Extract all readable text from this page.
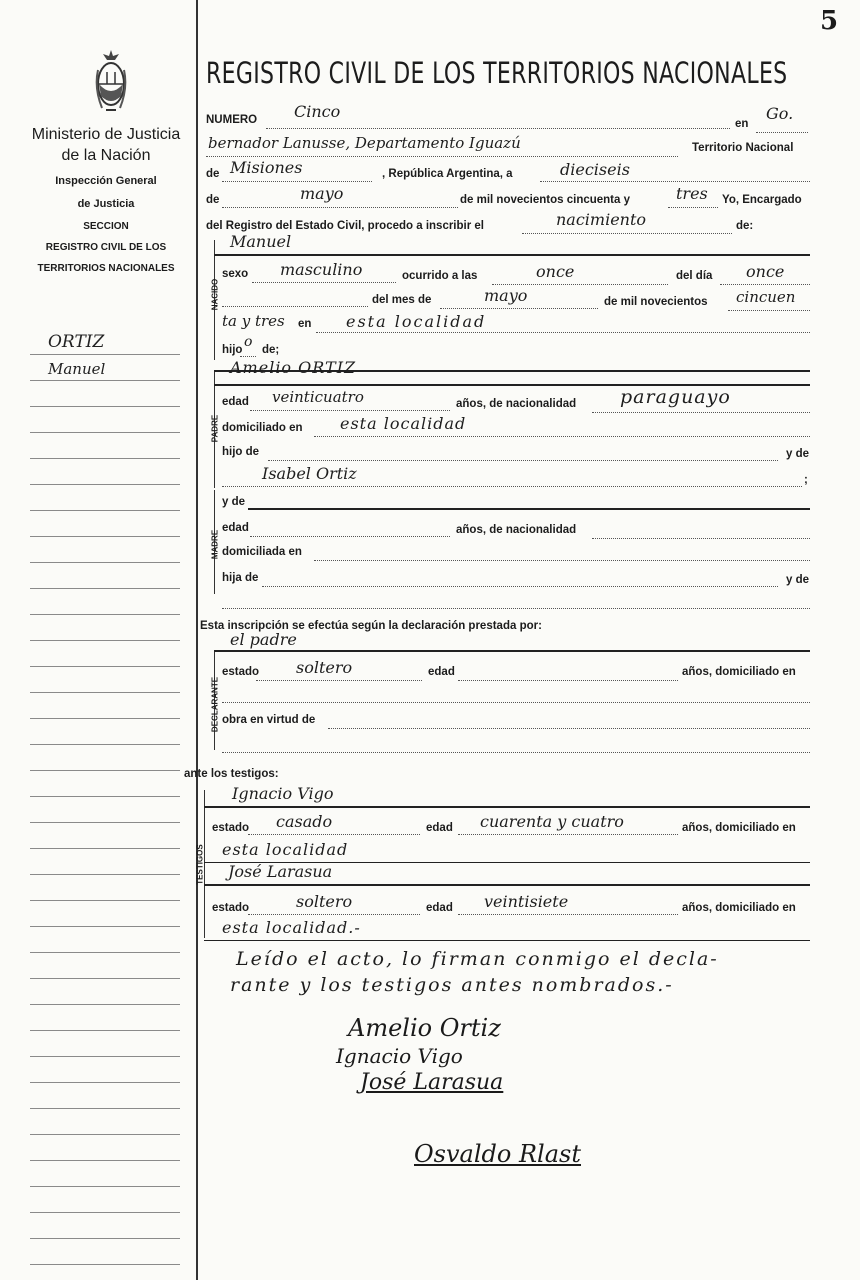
5
Ministerio de Justicia
de la Nación
Inspección General
de Justicia
SECCION
REGISTRO CIVIL DE LOS
TERRITORIOS NACIONALES
ORTIZ
Manuel
REGISTRO CIVIL DE LOS TERRITORIOS NACIONALES
NUMERO Cinco
en
Go.
bernador Lanusse, Departamento Iguazú	Territorio Nacional
de Misiones	, República Argentina, a	dieciseis
de	mayo	de mil novecientos cincuenta y	tres Yo, Encargado
del Registro del Estado Civil, procedo a inscribir el	nacimiento	de:
NACIDO
Manuel
sexo masculino	ocurrido a las	once	del día once
del mes de	mayo	de mil novecientos cincuen
ta y tres en esta localidad
hijo o de;
PADRE
Amelio ORTIZ
edad veinticuatro	años, de nacionalidad paraguayo
domiciliado en esta localidad
hijo de	y de
Isabel Ortiz	;
MADRE
y de
edad	años, de nacionalidad
domiciliada en
hija de	y de
Esta inscripción se efectúa según la declaración prestada por:
el padre
DECLARANTE
estado soltero	edad	años, domiciliado en
obra en virtud de
ante los testigos:
TESTIGOS
Ignacio Vigo
estado casado	edad cuarenta y cuatro	años, domiciliado en
esta localidad
José Larasua
estado	soltero	edad veintisiete	años, domiciliado en
esta localidad.-
Leído el acto, lo firman conmigo el decla-
rante y los testigos antes nombrados.-
Amelio Ortiz
Ignacio Vigo
José Larasua
Osvaldo Rlast
